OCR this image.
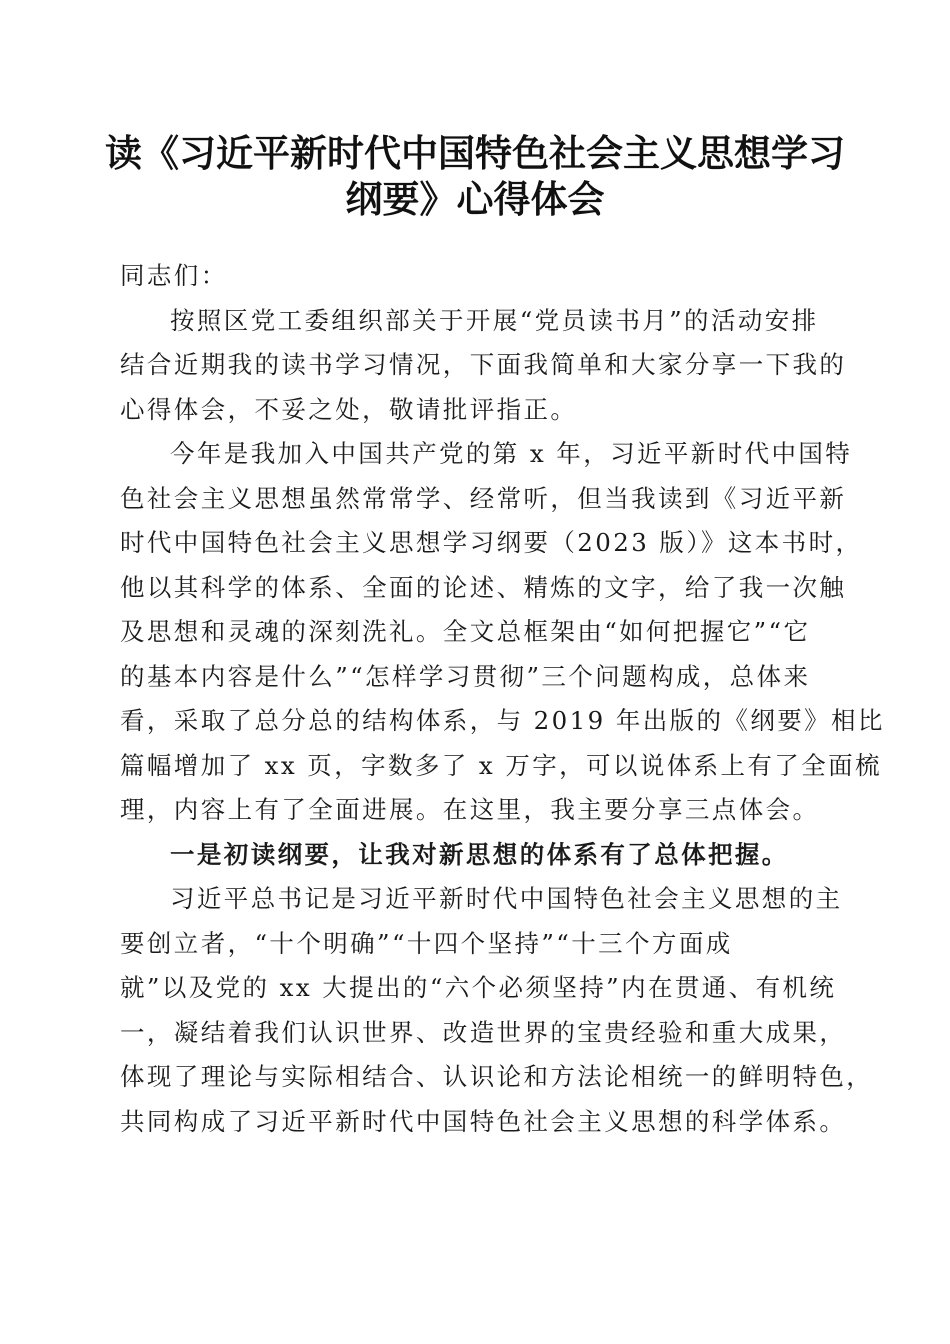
读《习近平新时代中国特色社会主义思想学习
纲要》心得体会

同志们：

按照区党工委组织部关于开展“党员读书月”的活动安排
结合近期我的读书学习情况，下面我简单和大家分享一下我的
心得体会，不妥之处，敬请批评指正。

今年是我加入中国共产党的第 x 年，习近平新时代中国特
色社会主义思想虽然常常学、经常听，但当我读到《习近平新
时代中国特色社会主义思想学习纲要（2023 版）》这本书时，
他以其科学的体系、全面的论述、精炼的文字，给了我一次触
及思想和灵魂的深刻洗礼。全文总框架由“如何把握它”“它
的基本内容是什么”“怎样学习贯彻”三个问题构成，总体来
看，采取了总分总的结构体系，与 2019 年出版的《纲要》相比
篇幅增加了 xx 页，字数多了 x 万字，可以说体系上有了全面梳
理，内容上有了全面进展。在这里，我主要分享三点体会。

一是初读纲要，让我对新思想的体系有了总体把握。

习近平总书记是习近平新时代中国特色社会主义思想的主
要创立者，“十个明确”“十四个坚持”“十三个方面成
就”以及党的 xx 大提出的“六个必须坚持”内在贯通、有机统
一，凝结着我们认识世界、改造世界的宝贵经验和重大成果，
体现了理论与实际相结合、认识论和方法论相统一的鲜明特色，
共同构成了习近平新时代中国特色社会主义思想的科学体系。
